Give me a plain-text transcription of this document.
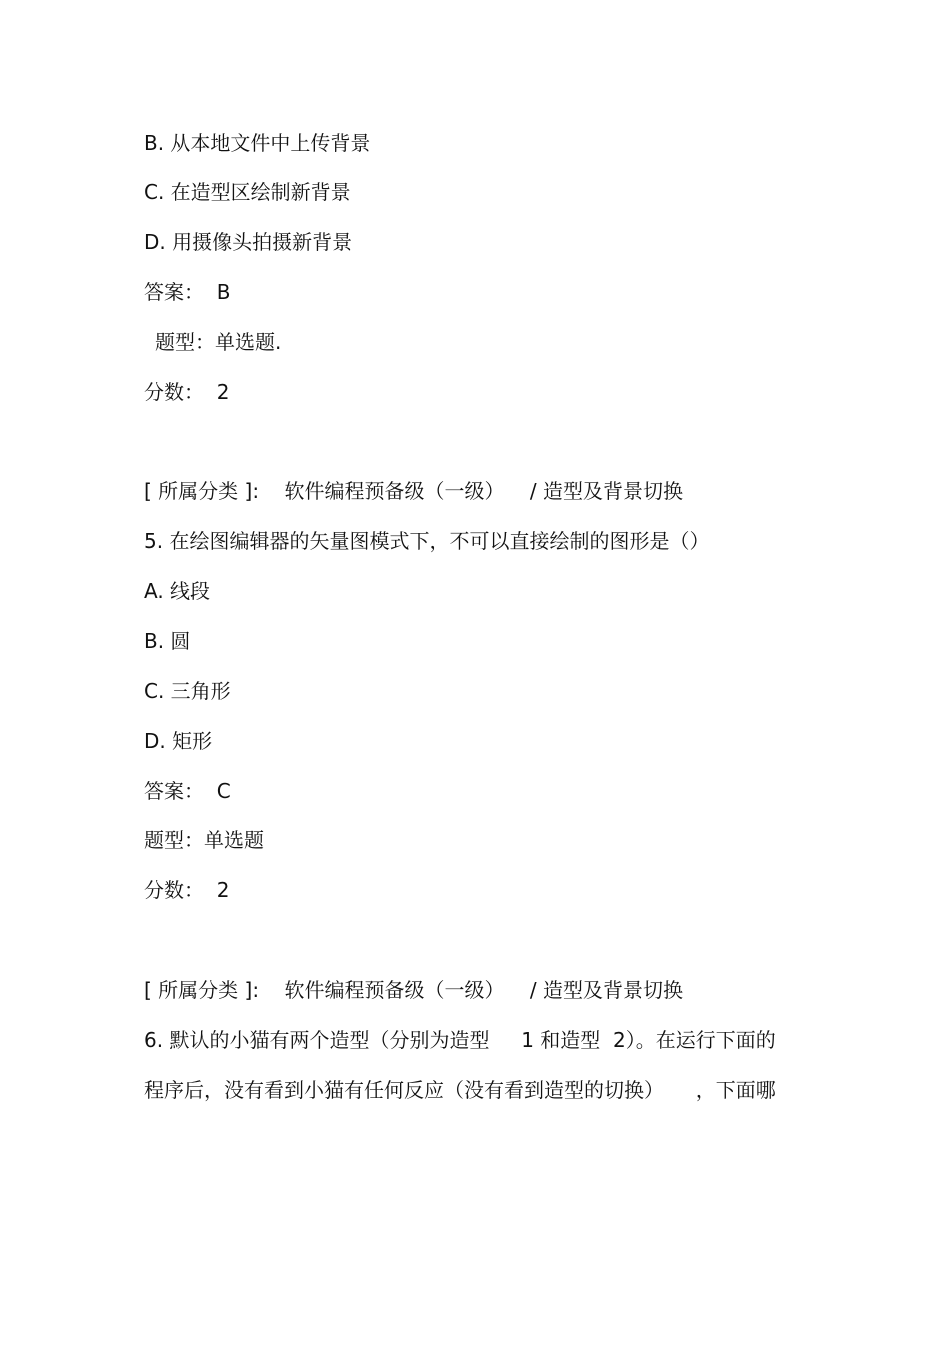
B. 从本地文件中上传背景
C. 在造型区绘制新背景
D. 用摄像头拍摄新背景
答案：  B
题型：单选题.
分数：  2
[ 所属分类 ]:    软件编程预备级（一级）    / 造型及背景切换
5. 在绘图编辑器的矢量图模式下，不可以直接绘制的图形是（）
A. 线段
B. 圆
C. 三角形
D. 矩形
答案：  C
题型：单选题
分数：  2
[ 所属分类 ]:    软件编程预备级（一级）    / 造型及背景切换
6. 默认的小猫有两个造型（分别为造型     1 和造型  2）。在运行下面的
程序后，没有看到小猫有任何反应（没有看到造型的切换）     ，下面哪
